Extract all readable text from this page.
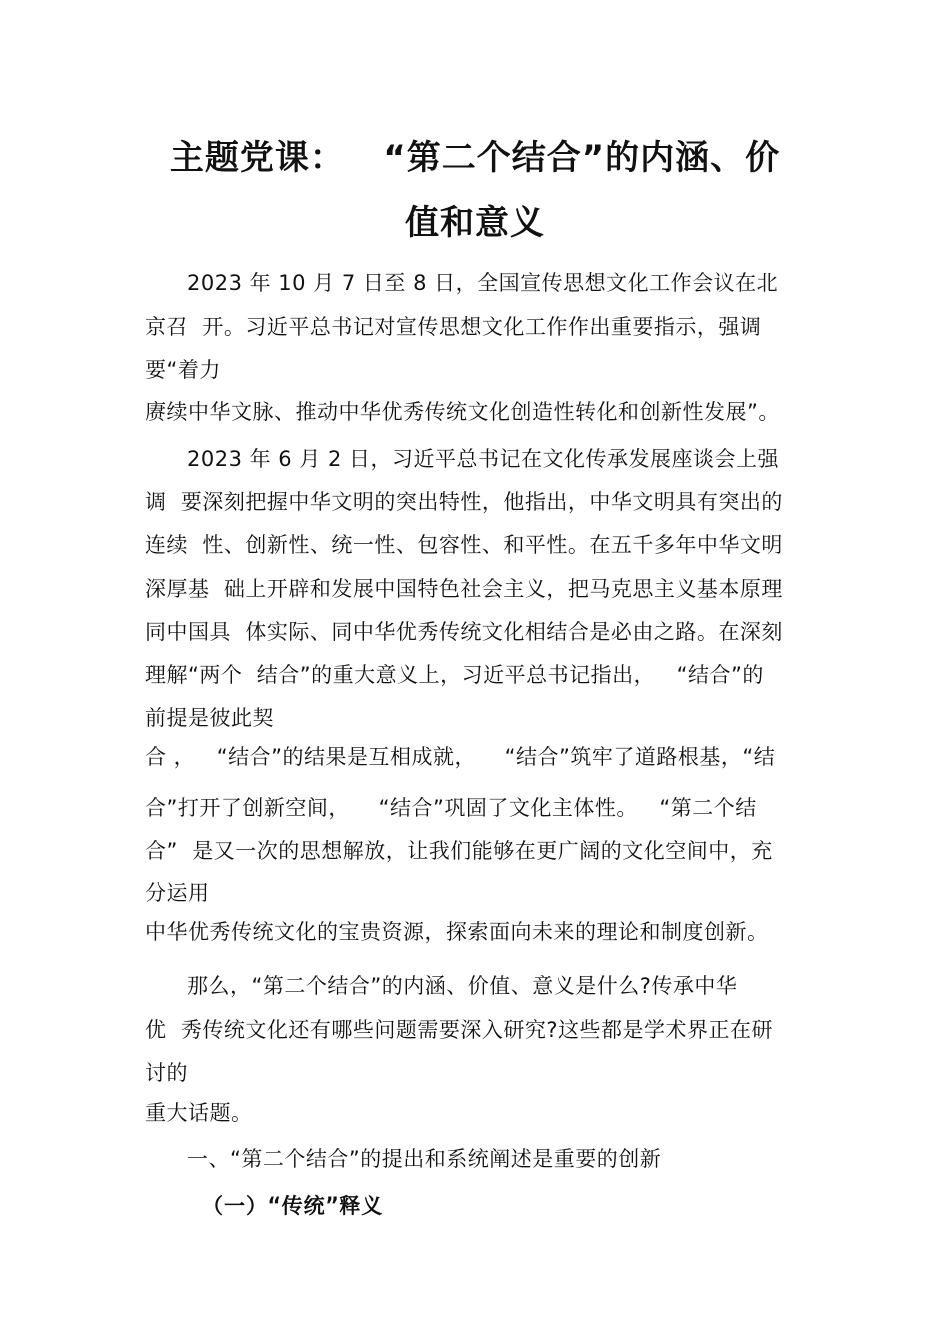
主题党课：   “第二个结合”的内涵、价
值和意义
2023 年 10 月 7 日至 8 日，全国宣传思想文化工作会议在北
京召  开。习近平总书记对宣传思想文化工作作出重要指示，强调
要“着力
赓续中华文脉、推动中华优秀传统文化创造性转化和创新性发展”。
2023 年 6 月 2 日，习近平总书记在文化传承发展座谈会上强
调  要深刻把握中华文明的突出特性，他指出，中华文明具有突出的
连续  性、创新性、统一性、包容性、和平性。在五千多年中华文明
深厚基  础上开辟和发展中国特色社会主义，把马克思主义基本原理
同中国具  体实际、同中华优秀传统文化相结合是必由之路。在深刻
理解“两个  结合”的重大意义上，习近平总书记指出，   “结合”的
前提是彼此契
合 ，   “结合”的结果是互相成就，    “结合”筑牢了道路根基，“结
合”打开了创新空间，    “结合”巩固了文化主体性。   “第二个结
合”  是又一次的思想解放，让我们能够在更广阔的文化空间中，充
分运用
中华优秀传统文化的宝贵资源，探索面向未来的理论和制度创新。
那么，“第二个结合”的内涵、价值、意义是什么?传承中华
优  秀传统文化还有哪些问题需要深入研究?这些都是学术界正在研
讨的
重大话题。
一、“第二个结合”的提出和系统阐述是重要的创新
（一）“传统”释义
